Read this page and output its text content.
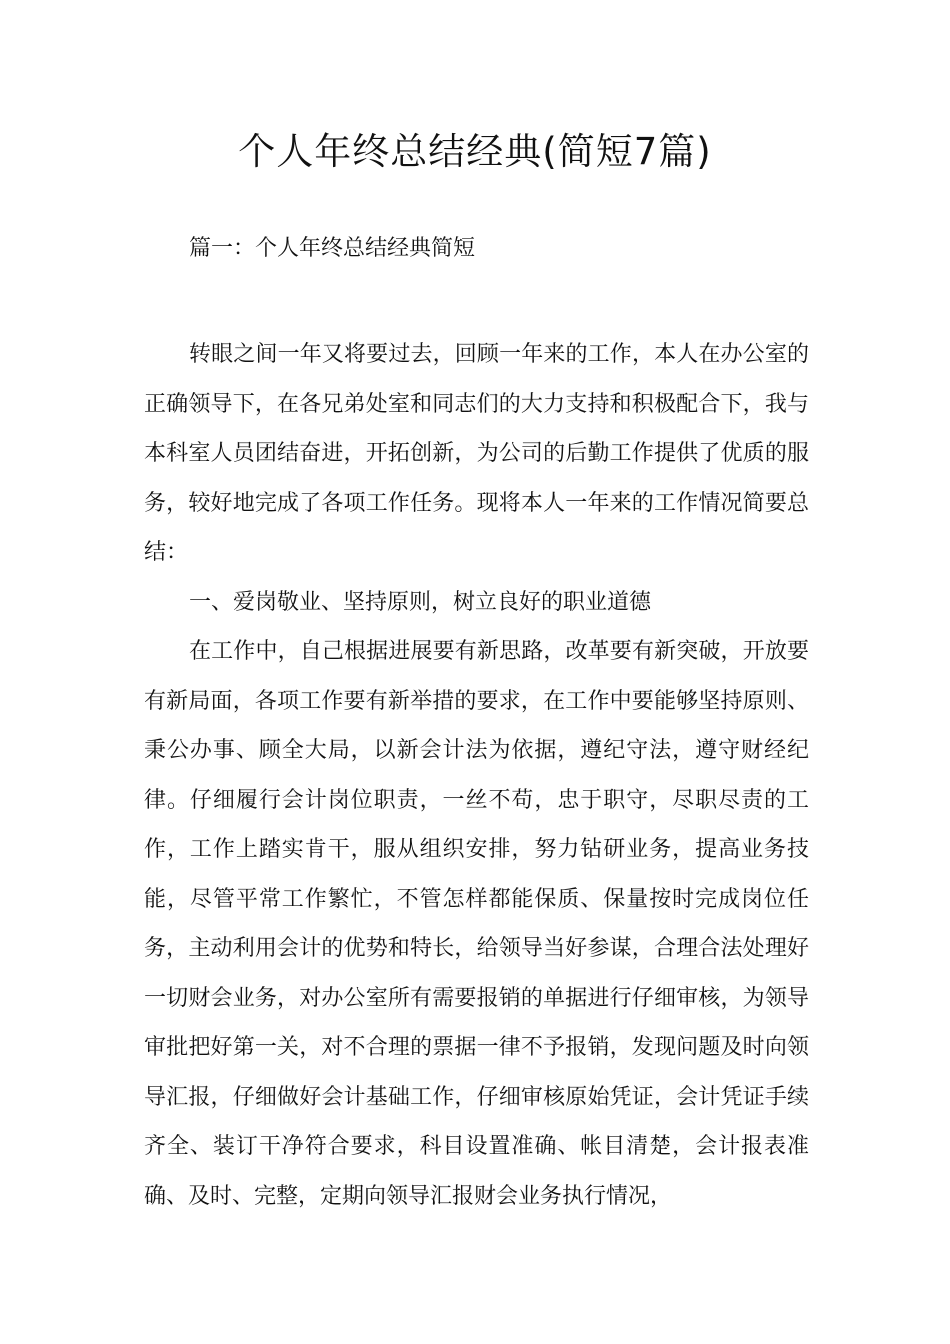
个人年终总结经典(简短7篇)
篇一：个人年终总结经典简短

转眼之间一年又将要过去，回顾一年来的工作，本人在办公室的正确领导下，在各兄弟处室和同志们的大力支持和积极配合下，我与本科室人员团结奋进，开拓创新，为公司的后勤工作提供了优质的服务，较好地完成了各项工作任务。现将本人一年来的工作情况简要总结：

一、爱岗敬业、坚持原则，树立良好的职业道德

在工作中，自己根据进展要有新思路，改革要有新突破，开放要有新局面，各项工作要有新举措的要求，在工作中要能够坚持原则、秉公办事、顾全大局，以新会计法为依据，遵纪守法，遵守财经纪律。仔细履行会计岗位职责，一丝不苟，忠于职守，尽职尽责的工作，工作上踏实肯干，服从组织安排，努力钻研业务，提高业务技能，尽管平常工作繁忙，不管怎样都能保质、保量按时完成岗位任务，主动利用会计的优势和特长，给领导当好参谋，合理合法处理好一切财会业务，对办公室所有需要报销的单据进行仔细审核，为领导审批把好第一关，对不合理的票据一律不予报销，发现问题及时向领导汇报，仔细做好会计基础工作，仔细审核原始凭证，会计凭证手续齐全、装订干净符合要求，科目设置准确、帐目清楚，会计报表准确、及时、完整，定期向领导汇报财会业务执行情况，
